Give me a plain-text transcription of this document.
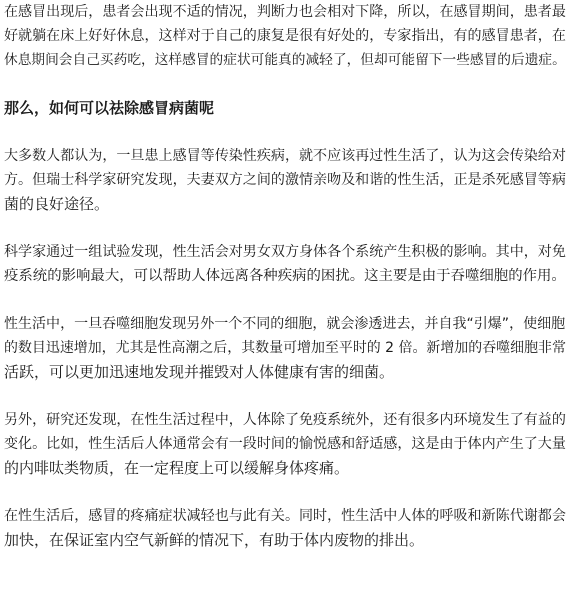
在感冒出现后，患者会出现不适的情况，判断力也会相对下降，所以，在感冒期间，患者最
好就躺在床上好好休息，这样对于自己的康复是很有好处的，专家指出，有的感冒患者，在
休息期间会自己买药吃，这样感冒的症状可能真的减轻了，但却可能留下一些感冒的后遗症。

那么，如何可以祛除感冒病菌呢

大多数人都认为，一旦患上感冒等传染性疾病，就不应该再过性生活了，认为这会传染给对
方。但瑞士科学家研究发现，夫妻双方之间的激情亲吻及和谐的性生活，正是杀死感冒等病
菌的良好途径。

科学家通过一组试验发现，性生活会对男女双方身体各个系统产生积极的影响。其中，对免
疫系统的影响最大，可以帮助人体远离各种疾病的困扰。这主要是由于吞噬细胞的作用。

性生活中，一旦吞噬细胞发现另外一个不同的细胞，就会渗透进去，并自我“引爆”，使细胞
的数目迅速增加，尤其是性高潮之后，其数量可增加至平时的 2 倍。新增加的吞噬细胞非常
活跃，可以更加迅速地发现并摧毁对人体健康有害的细菌。

另外，研究还发现，在性生活过程中，人体除了免疫系统外，还有很多内环境发生了有益的
变化。比如，性生活后人体通常会有一段时间的愉悦感和舒适感，这是由于体内产生了大量
的内啡呔类物质，在一定程度上可以缓解身体疼痛。

在性生活后，感冒的疼痛症状减轻也与此有关。同时，性生活中人体的呼吸和新陈代谢都会
加快，在保证室内空气新鲜的情况下，有助于体内废物的排出。
